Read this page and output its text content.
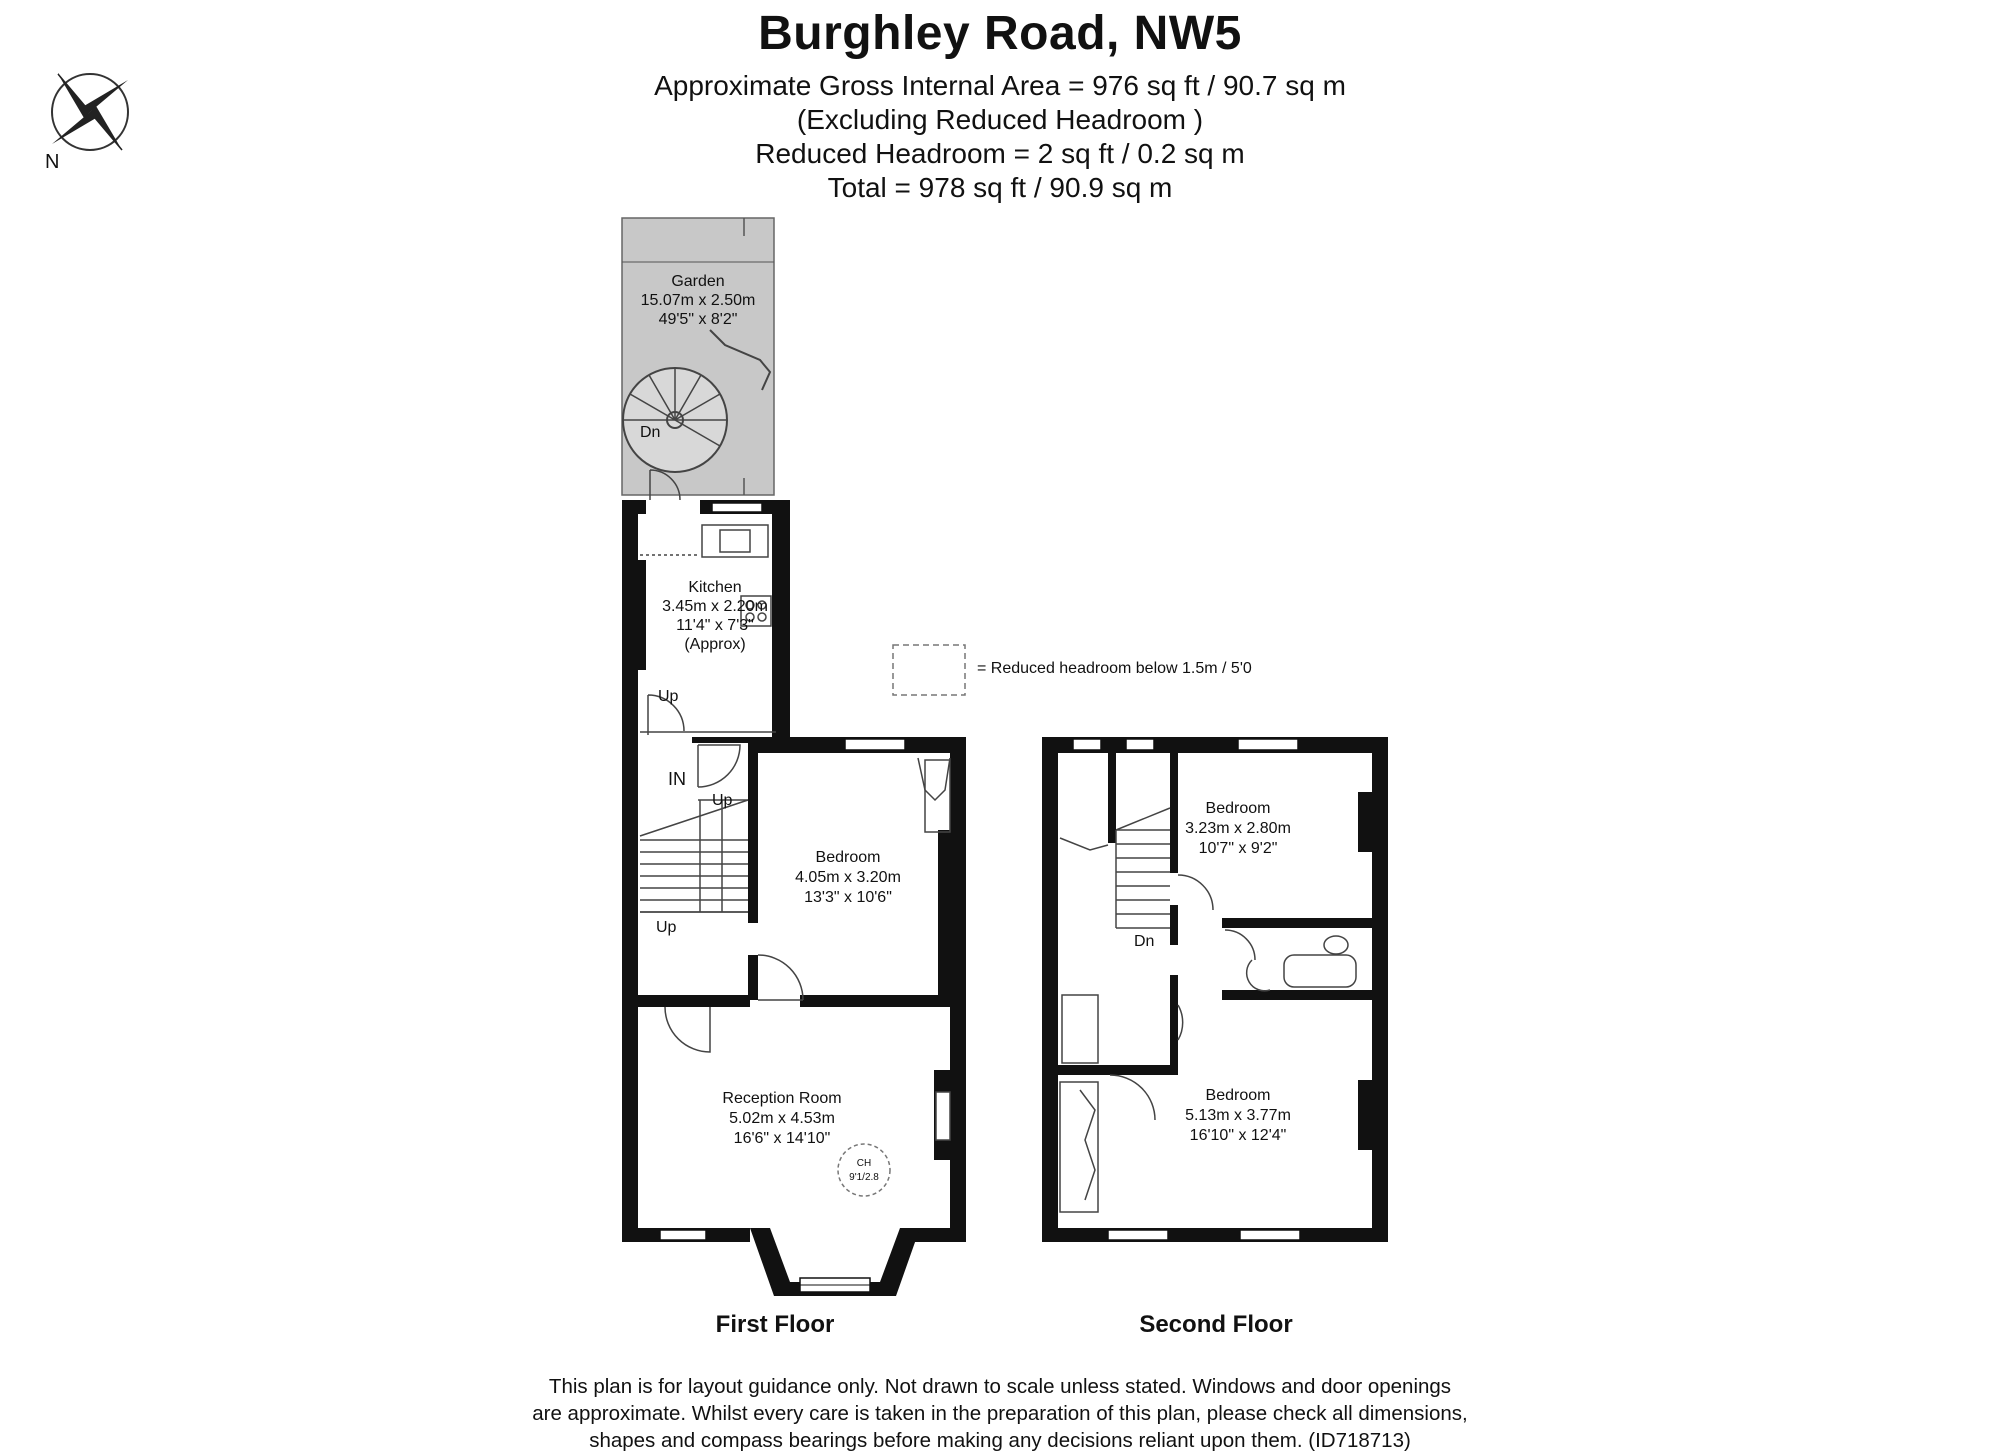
Burghley Road, NW5
Approximate Gross Internal Area = 976 sq ft / 90.7 sq m
(Excluding Reduced Headroom )
Reduced Headroom = 2 sq ft / 0.2 sq m
Total = 978 sq ft / 90.9 sq m
N
= Reduced headroom below 1.5m / 5'0
Garden
15.07m x 2.50m
49'5" x 8'2"
Dn
CH
9'1/2.8
Kitchen
3.45m x 2.20m
11'4" x 7'3"
(Approx)
Bedroom
4.05m x 3.20m
13'3" x 10'6"
Reception Room
5.02m x 4.53m
16'6" x 14'10"
Up
Up
Up
IN
First Floor
Bedroom
3.23m x 2.80m
10'7" x 9'2"
Bedroom
5.13m x 3.77m
16'10" x 12'4"
Dn
Second Floor
This plan is for layout guidance only. Not drawn to scale unless stated. Windows and door openings
are approximate. Whilst every care is taken in the preparation of this plan, please check all dimensions,
shapes and compass bearings before making any decisions reliant upon them. (ID718713)
